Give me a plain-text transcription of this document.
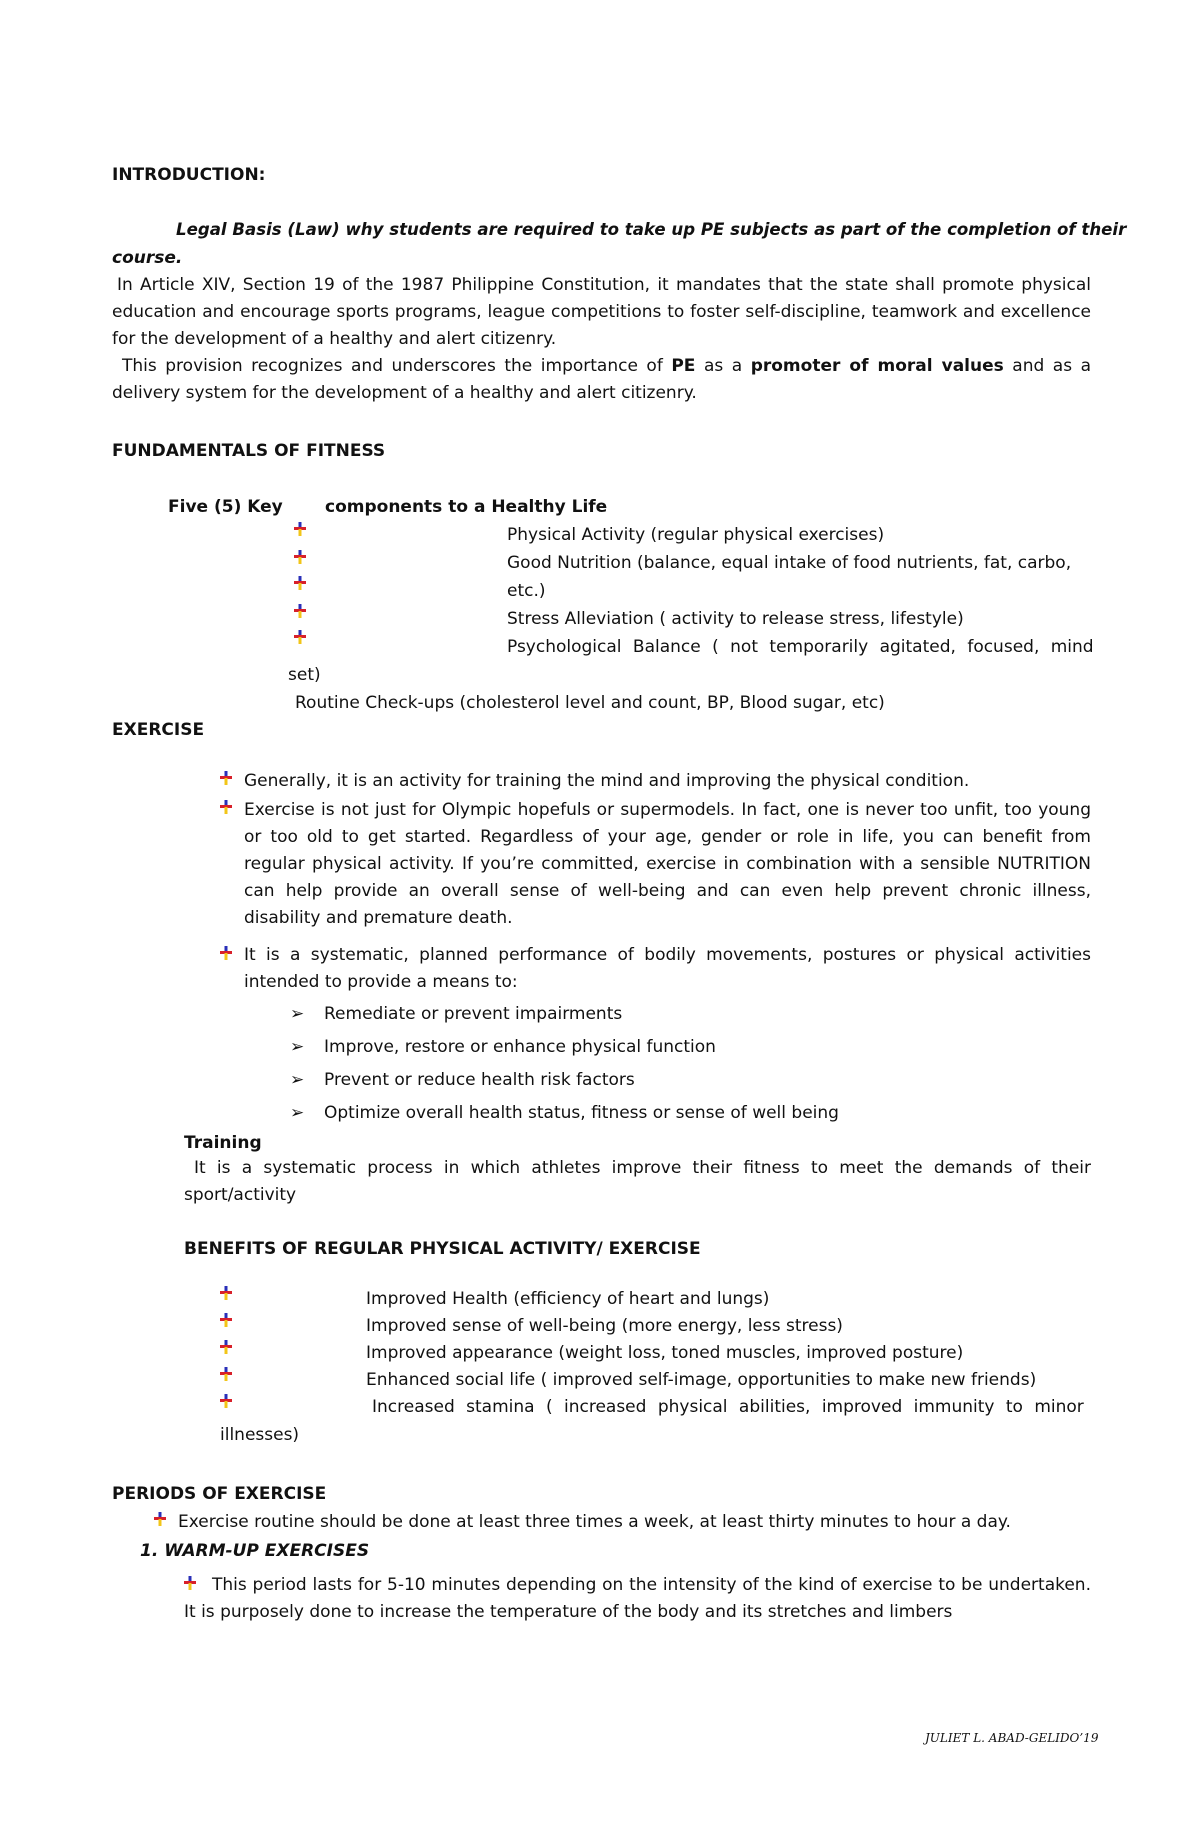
INTRODUCTION:
Legal Basis (Law) why students are required to take up PE subjects as part of the completion of their
course.
In Article XIV, Section 19 of the 1987 Philippine Constitution, it mandates that the state shall promote physical education and encourage sports programs, league competitions to foster self-discipline, teamwork and excellence for the development of a healthy and alert citizenry.
This provision recognizes and underscores the importance of PE as a promoter of moral values and as a delivery system for the development of a healthy and alert citizenry.
FUNDAMENTALS OF FITNESS
Five (5) Key components to a Healthy Life
Physical Activity (regular physical exercises)
Good Nutrition (balance, equal intake of food nutrients, fat, carbo,
etc.)
Stress Alleviation ( activity to release stress, lifestyle)
Psychological Balance ( not temporarily agitated, focused, mind
set)
Routine Check-ups (cholesterol level and count, BP, Blood sugar, etc)
EXERCISE
Generally, it is an activity for training the mind and improving the physical condition.
Exercise is not just for Olympic hopefuls or supermodels. In fact, one is never too unfit, too young or too old to get started. Regardless of your age, gender or role in life, you can benefit from regular physical activity. If you’re committed, exercise in combination with a sensible NUTRITION can help provide an overall sense of well-being and can even help prevent chronic illness, disability and premature death.
It is a systematic, planned performance of bodily movements, postures or physical activities intended to provide a means to:
➢ Remediate or prevent impairments
➢ Improve, restore or enhance physical function
➢ Prevent or reduce health risk factors
➢ Optimize overall health status, fitness or sense of well being
Training
It is a systematic process in which athletes improve their fitness to meet the demands of their sport/activity
BENEFITS OF REGULAR PHYSICAL ACTIVITY/ EXERCISE
Improved Health (efficiency of heart and lungs)
Improved sense of well-being (more energy, less stress)
Improved appearance (weight loss, toned muscles, improved posture)
Enhanced social life ( improved self-image, opportunities to make new friends)
Increased stamina ( increased physical abilities, improved immunity to minor
illnesses)
PERIODS OF EXERCISE
Exercise routine should be done at least three times a week, at least thirty minutes to hour a day.
1. WARM-UP EXERCISES
This period lasts for 5-10 minutes depending on the intensity of the kind of exercise to be undertaken. It is purposely done to increase the temperature of the body and its stretches and limbers
JULIET L. ABAD-GELIDO’19
